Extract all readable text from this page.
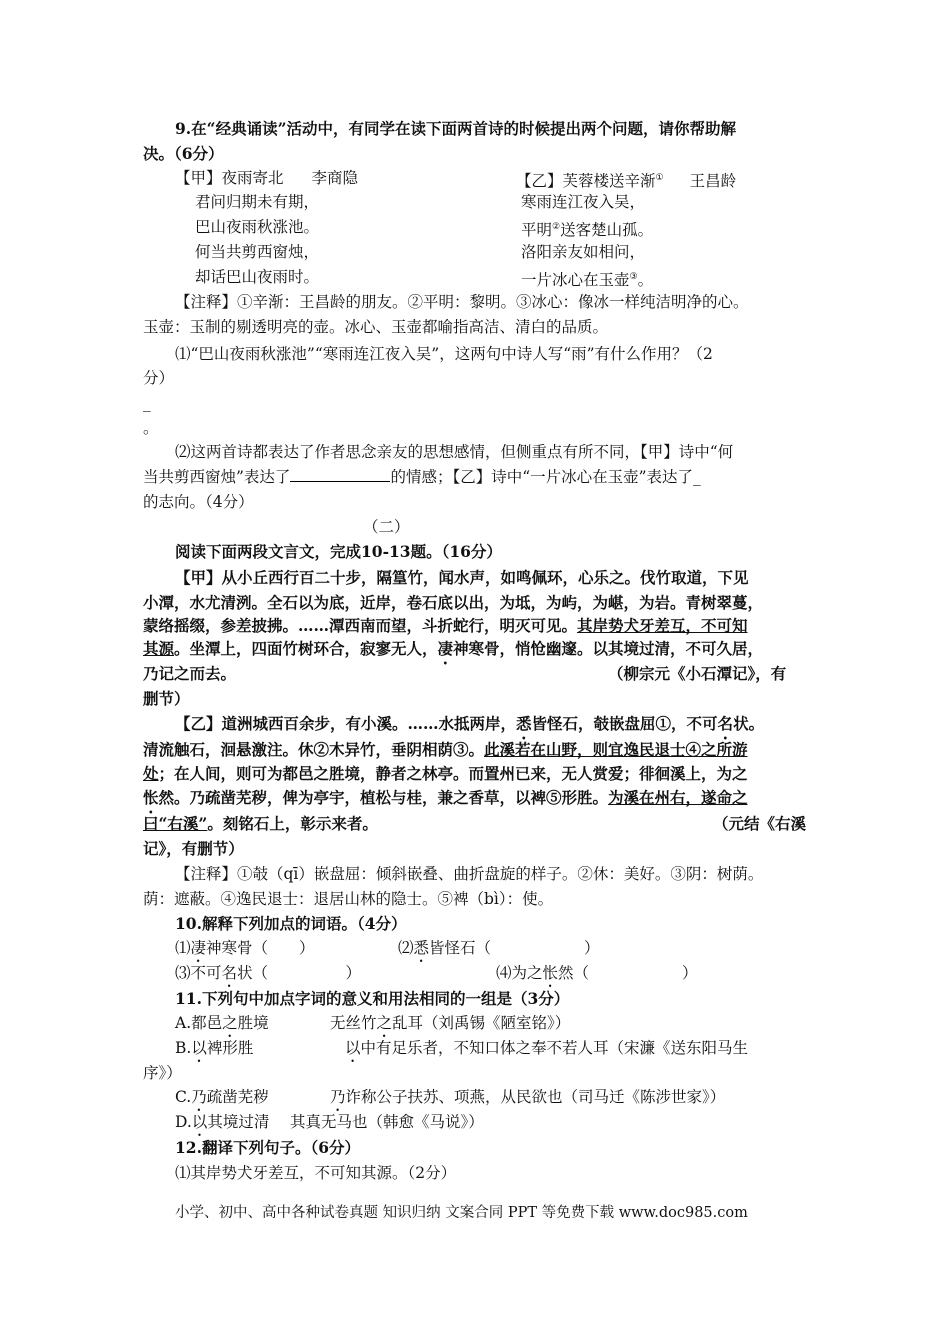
9.在“经典诵读”活动中，有同学在读下面两首诗的时候提出两个问题，请你帮助解
决。（6分）
【甲】夜雨寄北 李商隐	【乙】芙蓉楼送辛渐① 王昌龄
君问归期未有期，
巴山夜雨秋涨池。
何当共剪西窗烛，
却话巴山夜雨时。
寒雨连江夜入吴，
平明②送客楚山孤。
洛阳亲友如相问，
一片冰心在玉壶③。
【注释】①辛渐：王昌龄的朋友。②平明：黎明。③冰心：像冰一样纯洁明净的心。
玉壶：玉制的剔透明亮的壶。冰心、玉壶都喻指高洁、清白的品质。
⑴“巴山夜雨秋涨池”“寒雨连江夜入吴”，这两句中诗人写“雨”有什么作用？（2
分）
_
。
⑵这两首诗都表达了作者思念亲友的思想感情，但侧重点有所不同，【甲】诗中“何
当共剪西窗烛”表达了	的情感；【乙】诗中“一片冰心在玉壶”表达了_
的志向。（4分）
（二）
阅读下面两段文言文，完成10-13题。（16分）
【甲】从小丘西行百二十步，隔篁竹，闻水声，如鸣佩环，心乐之。伐竹取道，下见
小潭，水尤清洌。全石以为底，近岸，卷石底以出，为坻，为屿，为嵁，为岩。青树翠蔓，
蒙络摇缀，参差披拂。……潭西南而望，斗折蛇行，明灭可见。其岸势犬牙差互，不可知
其源。坐潭上，四面竹树环合，寂寥无人，凄神寒骨，悄怆幽邃。以其境过清，不可久居，
乃记之而去。	（柳宗元《小石潭记》，有
删节）
【乙】道洲城西百余步，有小溪。……水抵两岸，悉皆怪石，攲嵌盘屈①，不可名状。
清流触石，洄悬激注。休②木异竹，垂阴相荫③。此溪若在山野，则宜逸民退士④之所游
处；在人间，则可为都邑之胜境，静者之林亭。而置州已来，无人赏爱；徘徊溪上，为之
怅然。乃疏凿芜秽，俾为亭宇，植松与桂，兼之香草，以裨⑤形胜。为溪在州右，遂命之
曰“右溪”。刻铭石上，彰示来者。	（元结《右溪
记》，有删节）
【注释】①攲（qī）嵌盘屈：倾斜嵌叠、曲折盘旋的样子。②休：美好。③阴：树荫。
荫：遮蔽。④逸民退士：退居山林的隐士。⑤裨（bì）：使。
10.解释下列加点的词语。（4分）
⑴凄神寒骨（　　）	⑵悉皆怪石（　　　　　　）
⑶不可名状（　　　　　）	⑷为之怅然（　　　　　　）
11.下列句中加点字词的意义和用法相同的一组是（3分）
A.都邑之胜境	无丝竹之乱耳（刘禹锡《陋室铭》）
B.以裨形胜	以中有足乐者，不知口体之奉不若人耳（宋濂《送东阳马生
序》）
C.乃疏凿芜秽	乃诈称公子扶苏、项燕，从民欲也（司马迁《陈涉世家》）
D.以其境过清 其真无马也（韩愈《马说》）
12.翻译下列句子。（6分）
⑴其岸势犬牙差互，不可知其源。（2分）
小学、初中、高中各种试卷真题 知识归纳 文案合同 PPT 等免费下载 www.doc985.com
